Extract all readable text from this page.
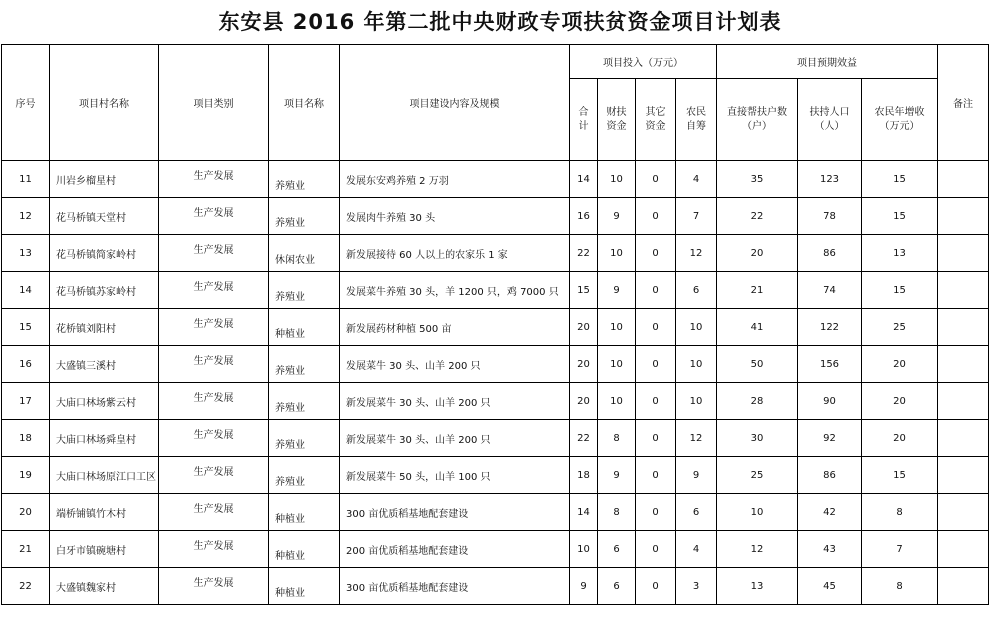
东安县 2016 年第二批中央财政专项扶贫资金项目计划表
序号	项目村名称	项目类别	项目名称	项目建设内容及规模	项目投入（万元）				项目预期效益			备注

					合计	财扶资金	其它资金	农民自筹	直接帮扶户数（户）	扶持人口（人）	农民年增收（万元）	

11	川岩乡榴星村	生产发展	养殖业	发展东安鸡养殖 2 万羽	14	10	0	4	35	123	15	
12	花马桥镇天堂村	生产发展	养殖业	发展肉牛养殖 30 头	16	9	0	7	22	78	15	
13	花马桥镇简家岭村	生产发展	休闲农业	新发展接待 60 人以上的农家乐 1 家	22	10	0	12	20	86	13	
14	花马桥镇苏家岭村	生产发展	养殖业	发展菜牛养殖 30 头，羊 1200 只，鸡 7000 只	15	9	0	6	21	74	15	
15	花桥镇刘阳村	生产发展	种植业	新发展药材种植 500 亩	20	10	0	10	41	122	25	
16	大盛镇三溪村	生产发展	养殖业	发展菜牛 30 头、山羊 200 只	20	10	0	10	50	156	20	
17	大庙口林场紫云村	生产发展	养殖业	新发展菜牛 30 头、山羊 200 只	20	10	0	10	28	90	20	
18	大庙口林场舜皇村	生产发展	养殖业	新发展菜牛 30 头、山羊 200 只	22	8	0	12	30	92	20	
19	大庙口林场原江口工区	生产发展	养殖业	新发展菜牛 50 头，山羊 100 只	18	9	0	9	25	86	15	
20	端桥铺镇竹木村	生产发展	种植业	300 亩优质稻基地配套建设	14	8	0	6	10	42	8	
21	白牙市镇碗塘村	生产发展	种植业	200 亩优质稻基地配套建设	10	6	0	4	12	43	7	
22	大盛镇魏家村	生产发展	种植业	300 亩优质稻基地配套建设	9	6	0	3	13	45	8	
